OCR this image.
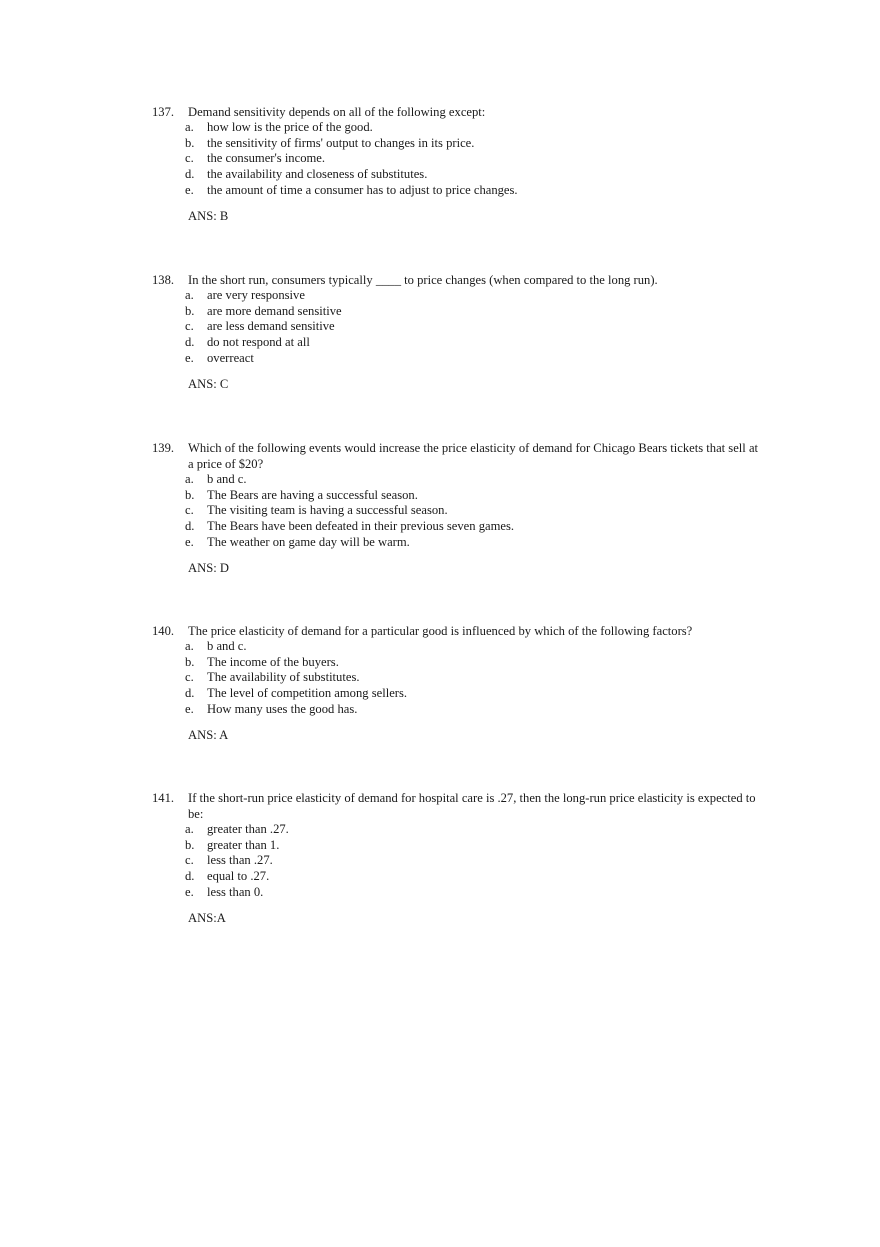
137. Demand sensitivity depends on all of the following except:
a. how low is the price of the good.
b. the sensitivity of firms' output to changes in its price.
c. the consumer's income.
d. the availability and closeness of substitutes.
e. the amount of time a consumer has to adjust to price changes.
ANS: B
138. In the short run, consumers typically ____ to price changes (when compared to the long run).
a. are very responsive
b. are more demand sensitive
c. are less demand sensitive
d. do not respond at all
e. overreact
ANS: C
139. Which of the following events would increase the price elasticity of demand for Chicago Bears tickets that sell at a price of $20?
a. b and c.
b. The Bears are having a successful season.
c. The visiting team is having a successful season.
d. The Bears have been defeated in their previous seven games.
e. The weather on game day will be warm.
ANS: D
140. The price elasticity of demand for a particular good is influenced by which of the following factors?
a. b and c.
b. The income of the buyers.
c. The availability of substitutes.
d. The level of competition among sellers.
e. How many uses the good has.
ANS: A
141. If the short-run price elasticity of demand for hospital care is .27, then the long-run price elasticity is expected to be:
a. greater than .27.
b. greater than 1.
c. less than .27.
d. equal to .27.
e. less than 0.
ANS:A
